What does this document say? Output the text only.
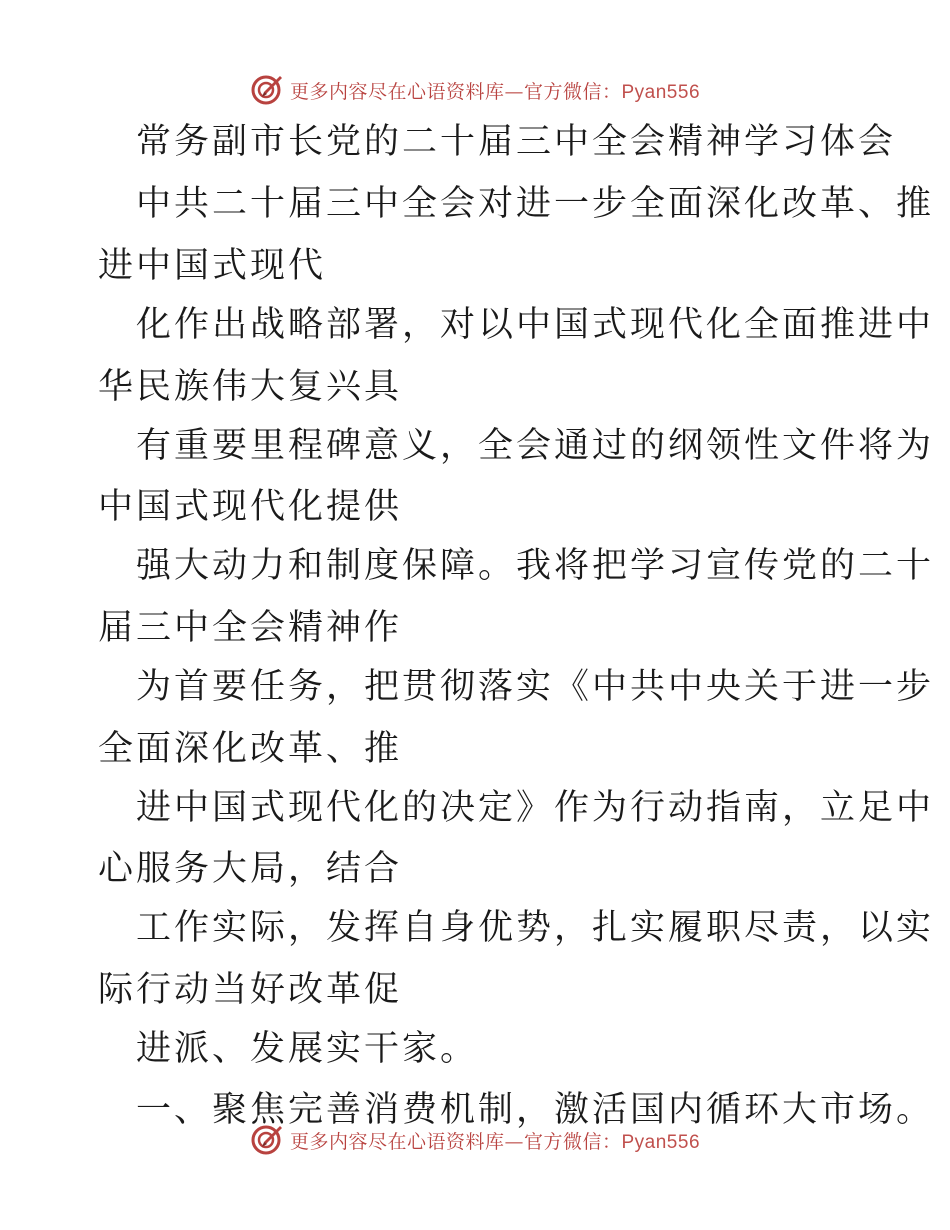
更多内容尽在心语资料库—官方微信：Pyan556
常务副市长党的二十届三中全会精神学习体会
中共二十届三中全会对进一步全面深化改革、推
进中国式现代
化作出战略部署，对以中国式现代化全面推进中
华民族伟大复兴具
有重要里程碑意义，全会通过的纲领性文件将为
中国式现代化提供
强大动力和制度保障。我将把学习宣传党的二十
届三中全会精神作
为首要任务，把贯彻落实《中共中央关于进一步
全面深化改革、推
进中国式现代化的决定》作为行动指南，立足中
心服务大局，结合
工作实际，发挥自身优势，扎实履职尽责，以实
际行动当好改革促
进派、发展实干家。
一、聚焦完善消费机制，激活国内循环大市场。
更多内容尽在心语资料库—官方微信：Pyan556
